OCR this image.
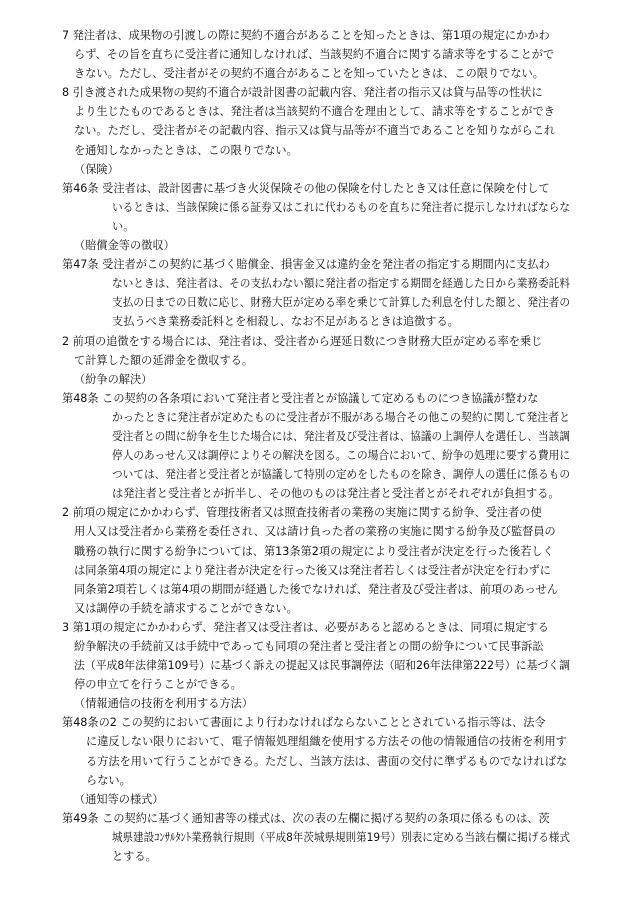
7 発注者は、成果物の引渡しの際に契約不適合があることを知ったときは、第1項の規定にかかわ
らず、その旨を直ちに受注者に通知しなければ、当該契約不適合に関する請求等をすることがで
きない。ただし、受注者がその契約不適合があることを知っていたときは、この限りでない。
8 引き渡された成果物の契約不適合が設計図書の記載内容、発注者の指示又は貸与品等の性状に
より生じたものであるときは、発注者は当該契約不適合を理由として、請求等をすることができ
ない。ただし、受注者がその記載内容、指示又は貸与品等が不適当であることを知りながらこれ
を通知しなかったときは、この限りでない。
（保険）
第46条 受注者は、設計図書に基づき火災保険その他の保険を付したとき又は任意に保険を付して
いるときは、当該保険に係る証券又はこれに代わるものを直ちに発注者に提示しなければならな
い。
（賠償金等の徴収）
第47条 受注者がこの契約に基づく賠償金、損害金又は違約金を発注者の指定する期間内に支払わ
ないときは、発注者は、その支払わない額に発注者の指定する期間を経過した日から業務委託料
支払の日までの日数に応じ、財務大臣が定める率を乗じて計算した利息を付した額と、発注者の
支払うべき業務委託料とを相殺し、なお不足があるときは追徴する。
2 前項の追徴をする場合には、発注者は、受注者から遅延日数につき財務大臣が定める率を乗じ
て計算した額の延滞金を徴収する。
（紛争の解決）
第48条 この契約の各条項において発注者と受注者とが協議して定めるものにつき協議が整わな
かったときに発注者が定めたものに受注者が不服がある場合その他この契約に関して発注者と
受注者との間に紛争を生じた場合には、発注者及び受注者は、協議の上調停人を選任し、当該調
停人のあっせん又は調停によりその解決を図る。この場合において、紛争の処理に要する費用に
ついては、発注者と受注者とが協議して特別の定めをしたものを除き、調停人の選任に係るもの
は発注者と受注者とが折半し、その他のものは発注者と受注者とがそれぞれが負担する。
2 前項の規定にかかわらず、管理技術者又は照査技術者の業務の実施に関する紛争、受注者の使
用人又は受注者から業務を委任され、又は請け負った者の業務の実施に関する紛争及び監督員の
職務の執行に関する紛争については、第13条第2項の規定により受注者が決定を行った後若しく
は同条第4項の規定により発注者が決定を行った後又は発注者若しくは受注者が決定を行わずに
同条第2項若しくは第4項の期間が経過した後でなければ、発注者及び受注者は、前項のあっせん
又は調停の手続を請求することができない。
3 第1項の規定にかかわらず、発注者又は受注者は、必要があると認めるときは、同項に規定する
紛争解決の手続前又は手続中であっても同項の発注者と受注者との間の紛争について民事訴訟
法（平成8年法律第109号）に基づく訴えの提起又は民事調停法（昭和26年法律第222号）に基づく調
停の申立てを行うことができる。
（情報通信の技術を利用する方法）
第48条の2 この契約において書面により行わなければならないこととされている指示等は、法令
に違反しない限りにおいて、電子情報処理組織を使用する方法その他の情報通信の技術を利用す
る方法を用いて行うことができる。ただし、当該方法は、書面の交付に準ずるものでなければな
らない。
（通知等の様式）
第49条 この契約に基づく通知書等の様式は、次の表の左欄に掲げる契約の条項に係るものは、茨
城県建設ｺﾝｻﾙﾀﾝﾄ業務執行規則（平成8年茨城県規則第19号）別表に定める当該右欄に掲げる様式
とする。
